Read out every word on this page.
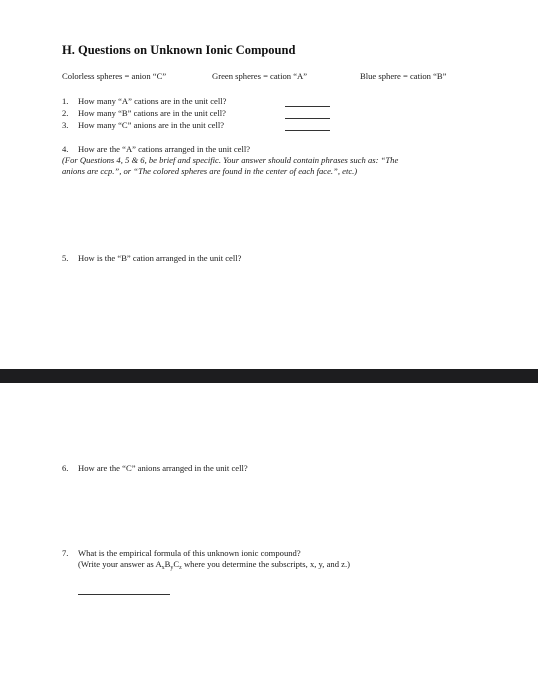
H. Questions on Unknown Ionic Compound
Colorless spheres = anion “C”	Green spheres = cation “A”	Blue sphere = cation “B”
1. How many “A” cations are in the unit cell?
2. How many “B” cations are in the unit cell?
3. How many “C” anions are in the unit cell?
4. How are the “A” cations arranged in the unit cell?
(For Questions 4, 5 & 6, be brief and specific. Your answer should contain phrases such as: “The
anions are ccp.”, or “The colored spheres are found in the center of each face.”, etc.)
5. How is the “B” cation arranged in the unit cell?
6. How are the “C” anions arranged in the unit cell?
7. What is the empirical formula of this unknown ionic compound?
(Write your answer as $A_xB_yC_z$ where you determine the subscripts, x, y, and z.)
